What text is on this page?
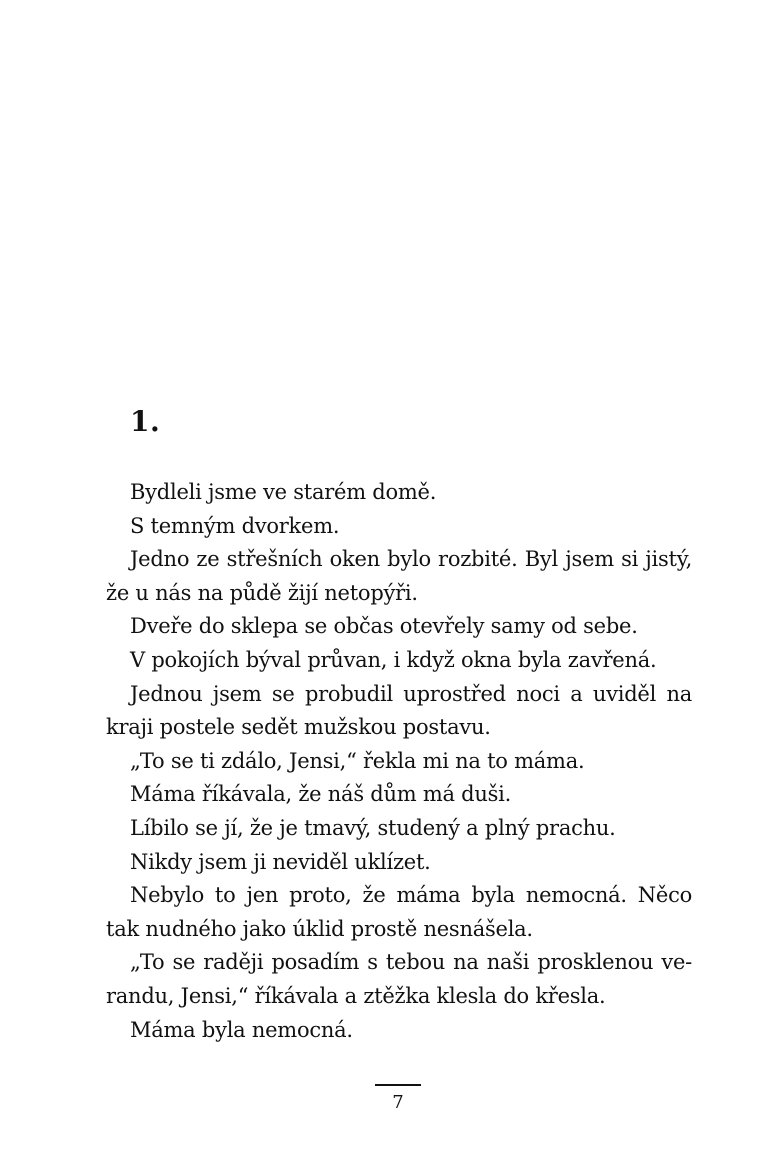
1.
Bydleli jsme ve starém domě.
S temným dvorkem.
Jedno ze střešních oken bylo rozbité. Byl jsem si jistý,
že u nás na půdě žijí netopýři.
Dveře do sklepa se občas otevřely samy od sebe.
V pokojích býval průvan, i když okna byla zavřená.
Jednou jsem se probudil uprostřed noci a uviděl na
kraji postele sedět mužskou postavu.
„To se ti zdálo, Jensi,“ řekla mi na to máma.
Máma říkávala, že náš dům má duši.
Líbilo se jí, že je tmavý, studený a plný prachu.
Nikdy jsem ji neviděl uklízet.
Nebylo to jen proto, že máma byla nemocná. Něco
tak nudného jako úklid prostě nesnášela.
„To se raději posadím s tebou na naši prosklenou ve-
randu, Jensi,“ říkávala a ztěžka klesla do křesla.
Máma byla nemocná.
7
